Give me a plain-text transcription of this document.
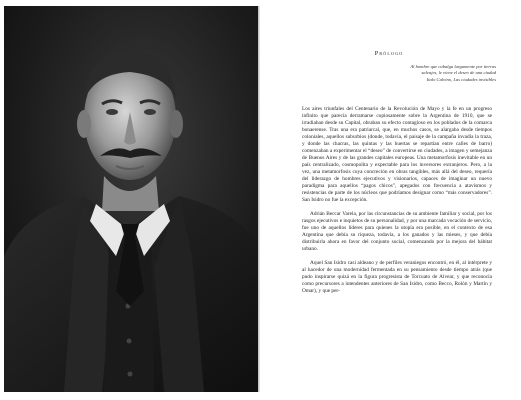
Prólogo
Al hombre que cabalga largamente por tierras
salvajes, le viene el deseo de una ciudad
Italo Calvino, Las ciudades invisibles

Los aires triunfales del Centenario de la Revolución de Mayo y la fe en un progreso infinito que parecía derramarse copiosamente sobre la Argentina de 1910, que se irradiaban desde su Capital, obraban su efecto contagioso en los poblados de la comarca bonaerense. Tras una era patriarcal, que, en muchos casos, se alargaba desde tiempos coloniales, aquellos suburbios (donde, todavía, el paisaje de la campaña invadía la traza, y donde las chacras, las quintas y las huertas se repartían entre calles de barro) comenzaban a experimentar el “deseo” de convertirse en ciudades, a imagen y semejanza de Buenos Aires y de las grandes capitales europeas. Una metamorfosis inevitable en un país centralizado, cosmopolita y expectable para los inversores extranjeros. Pero, a la vez, una metamorfosis cuya concreción en obras tangibles, más allá del deseo, requería del liderazgo de hombres ejecutivos y visionarios, capaces de imaginar un nuevo paradigma para aquellos “pagos chicos”, apegados con frecuencia a atavismos y resistencias de parte de los núcleos que podríamos designar como “más conservadores”. San Isidro no fue la excepción.

Adrián Beccar Varela, por las circunstancias de su ambiente familiar y social, por los rasgos ejecutivos e inquietos de su personalidad, y por una marcada vocación de servicio, fue uno de aquellos líderes para quienes la utopía era posible, en el contexto de esa Argentina que debía su riqueza, todavía, a los ganados y las mieses, y que debía distribuirla ahora en favor del conjunto social, comenzando por la mejora del hábitat urbano.

Aquel San Isidro casi aldeano y de perfiles veraniegos encontró, en él, al intérprete y al hacedor de una modernidad fermentada en su pensamiento desde tiempo atrás (que pudo inspirarse quizá en la figura progresista de Torcuato de Alvear, y que reconocía como precursores a intendentes anteriores de San Isidro, como Becco, Rolón y Martín y Omar), y que per-
